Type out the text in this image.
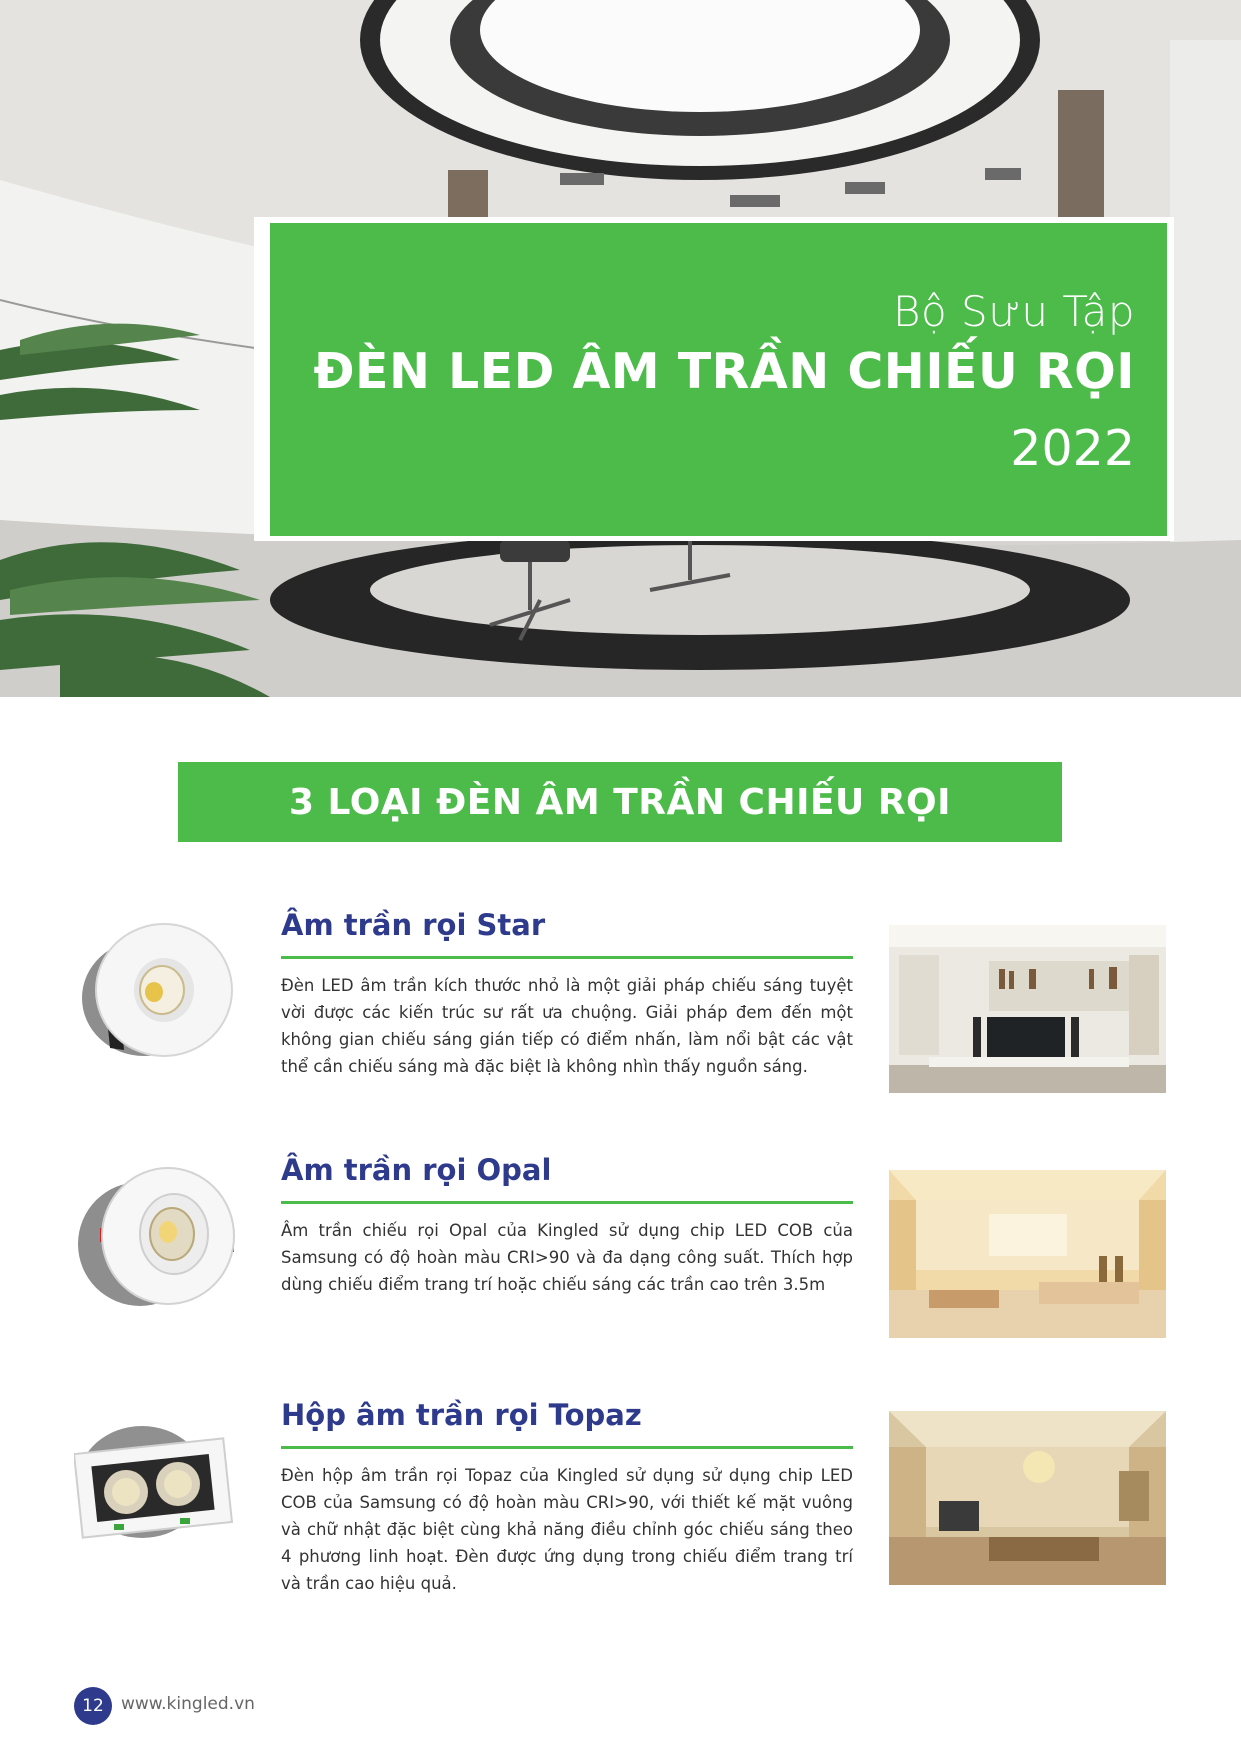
Bộ Sưu Tập
ĐÈN LED ÂM TRẦN CHIẾU RỌI
2022
3 LOẠI ĐÈN ÂM TRẦN CHIẾU RỌI
Âm trần rọi Star
Đèn LED âm trần kích thước nhỏ là một giải pháp chiếu sáng tuyệt vời được các kiến trúc sư rất ưa chuộng. Giải pháp đem đến một không gian chiếu sáng gián tiếp có điểm nhấn, làm nổi bật các vật thể cần chiếu sáng mà đặc biệt là không nhìn thấy nguồn sáng.
Âm trần rọi Opal
Âm trần chiếu rọi Opal của Kingled sử dụng chip LED COB của Samsung có độ hoàn màu CRI>90 và đa dạng công suất. Thích hợp dùng chiếu điểm trang trí hoặc chiếu sáng các trần cao trên 3.5m
Hộp âm trần rọi Topaz
Đèn hộp âm trần rọi Topaz của Kingled sử dụng sử dụng chip LED COB của Samsung có độ hoàn màu CRI>90, với thiết kế mặt vuông và chữ nhật đặc biệt cùng khả năng điều chỉnh góc chiếu sáng theo 4 phương linh hoạt. Đèn được ứng dụng trong chiếu điểm trang trí và trần cao hiệu quả.
12	www.kingled.vn
